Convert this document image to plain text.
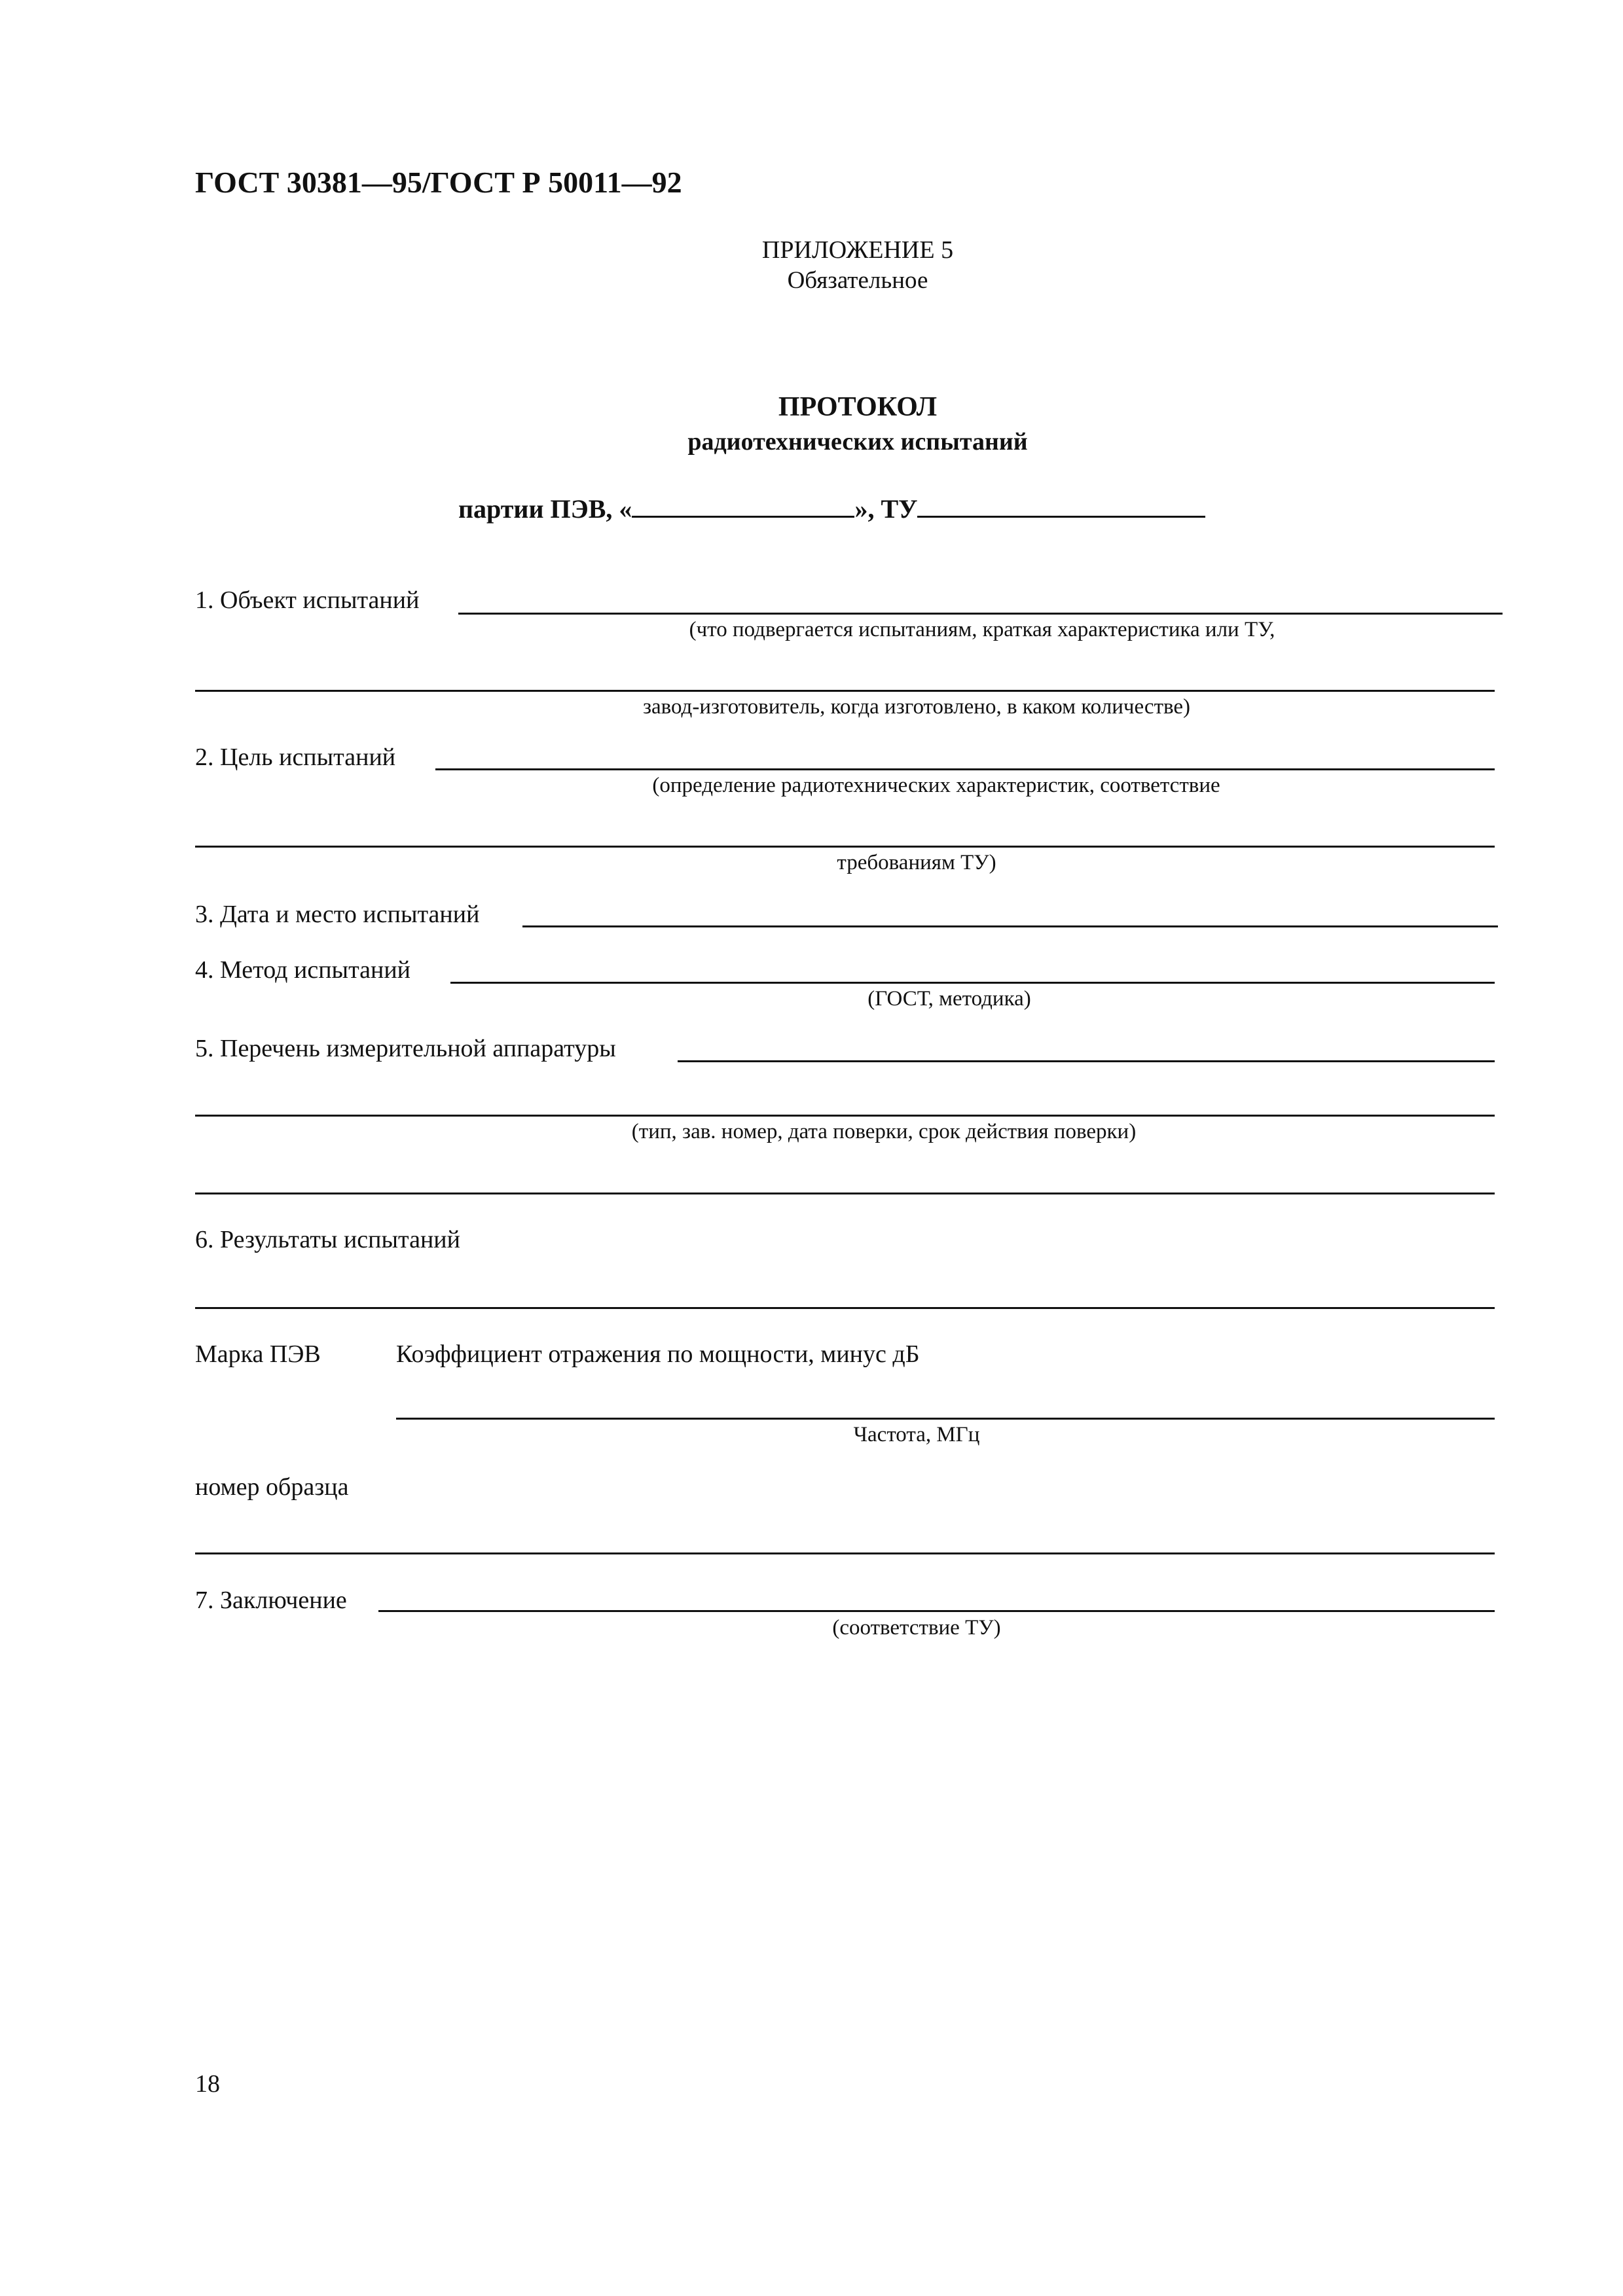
ГОСТ 30381—95/ГОСТ Р 50011—92
ПРИЛОЖЕНИЕ 5
Обязательное
ПРОТОКОЛ
радиотехнических испытаний
партии ПЭВ, «	», ТУ
1. Объект испытаний
(что подвергается испытаниям, краткая характеристика или ТУ,
завод-изготовитель, когда изготовлено, в каком количестве)
2. Цель испытаний
(определение радиотехнических характеристик, соответствие
требованиям ТУ)
3. Дата и место испытаний
4. Метод испытаний
(ГОСТ, методика)
5. Перечень измерительной аппаратуры
(тип, зав. номер, дата поверки, срок действия поверки)
6. Результаты испытаний
Марка ПЭВ	Коэффициент отражения по мощности, минус дБ
Частота, МГц
номер образца
7. Заключение
(соответствие ТУ)
18
